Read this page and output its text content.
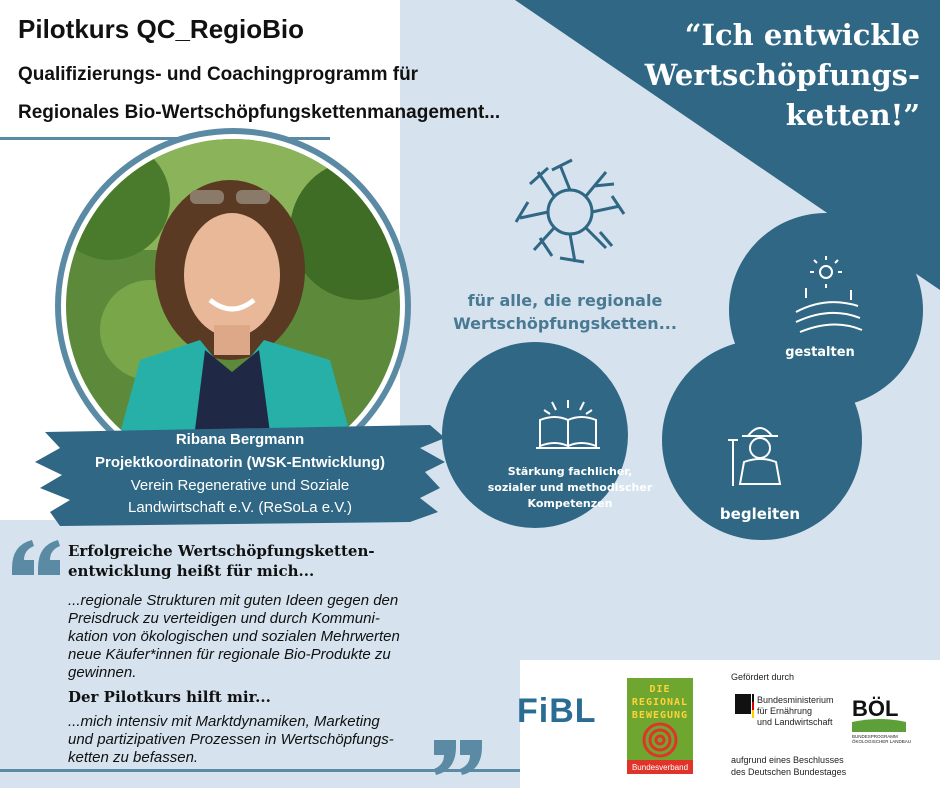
Pilotkurs QC_RegioBio
Qualifizierungs- und Coachingprogramm für
Regionales Bio-Wertschöpfungskettenmanagement...
“Ich entwickle
Wertschöpfungs-
ketten!”
für alle, die regionale
Wertschöpfungsketten...
gestalten
begleiten
Stärkung fachlicher,
sozialer und methodischer
Kompetenzen
Ribana Bergmann
Projektkoordinatorin (WSK-Entwicklung)
Verein Regenerative und Soziale
Landwirtschaft e.V. (ReSoLa e.V.)
Erfolgreiche Wertschöpfungsketten-
entwicklung heißt für mich...
...regionale Strukturen mit guten Ideen gegen den
Preisdruck zu verteidigen und durch Kommuni-
kation von ökologischen und sozialen Mehrwerten
neue Käufer*innen für regionale Bio-Produkte zu
gewinnen.
Der Pilotkurs hilft mir...
...mich intensiv mit Marktdynamiken, Marketing
und partizipativen Prozessen in Wertschöpfungs-
ketten zu befassen.
FiBL
DIE
REGIONAL
BEWEGUNG
Bundesverband
Gefördert durch
Bundesministerium
für Ernährung
und Landwirtschaft
aufgrund eines Beschlusses
des Deutschen Bundestages
BÖL
BUNDESPROGRAMM
ÖKOLOGISCHER LANDBAU
